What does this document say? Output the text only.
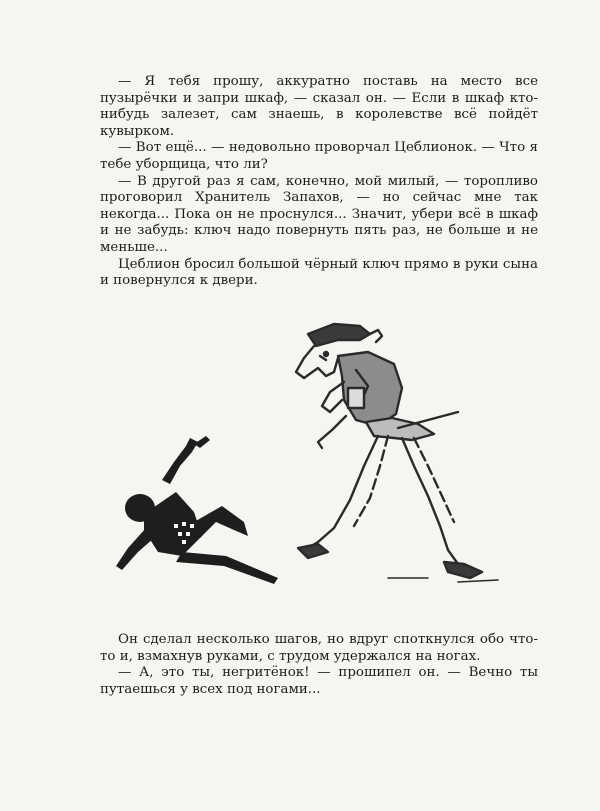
— Я тебя прошу, аккуратно поставь на место все пузырёчки и запри шкаф, — сказал он. — Если в шкаф кто-нибудь залезет, сам знаешь, в королевстве всё пойдёт кувырком.

— Вот ещё... — недовольно проворчал Цеблионок. — Что я тебе уборщица, что ли?

— В другой раз я сам, конечно, мой милый, — торопливо проговорил Хранитель Запахов, — но сейчас мне так некогда... Пока он не проснулся... Значит, убери всё в шкаф и не забудь: ключ надо повернуть пять раз, не больше и не меньше...

Цеблион бросил большой чёрный ключ прямо в руки сына и повернулся к двери.

Он сделал несколько шагов, но вдруг споткнулся обо что-то и, взмахнув руками, с трудом удержался на ногах.

— А, это ты, негритёнок! — прошипел он. — Вечно ты путаешься у всех под ногами...
